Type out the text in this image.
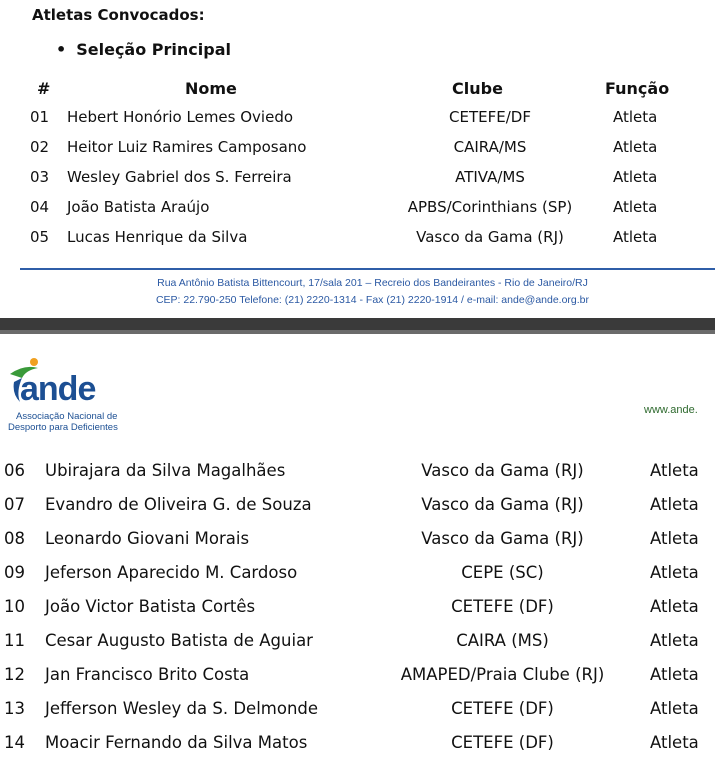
Atletas Convocados:
• Seleção Principal
#	Nome	Clube	Função
01 Hebert Honório Lemes Oviedo	CETEFE/DF	Atleta
02 Heitor Luiz Ramires Camposano	CAIRA/MS	Atleta
03 Wesley Gabriel dos S. Ferreira	ATIVA/MS	Atleta
04 João Batista Araújo	APBS/Corinthians (SP)	Atleta
05 Lucas Henrique da Silva	Vasco da Gama (RJ)	Atleta
Rua Antônio Batista Bittencourt, 17/sala 201 – Recreio dos Bandeirantes - Rio de Janeiro/RJ
CEP: 22.790-250 Telefone: (21) 2220-1314 - Fax (21) 2220-1914 / e-mail: ande@ande.org.br
ande
Associação Nacional de
Desporto para Deficientes
www.ande.
06 Ubirajara da Silva Magalhães	Vasco da Gama (RJ)	Atleta
07 Evandro de Oliveira G. de Souza	Vasco da Gama (RJ)	Atleta
08 Leonardo Giovani Morais	Vasco da Gama (RJ)	Atleta
09 Jeferson Aparecido M. Cardoso	CEPE (SC)	Atleta
10 João Victor Batista Cortês	CETEFE (DF)	Atleta
11 Cesar Augusto Batista de Aguiar	CAIRA (MS)	Atleta
12 Jan Francisco Brito Costa	AMAPED/Praia Clube (RJ)	Atleta
13 Jefferson Wesley da S. Delmonde	CETEFE (DF)	Atleta
14 Moacir Fernando da Silva Matos	CETEFE (DF)	Atleta
